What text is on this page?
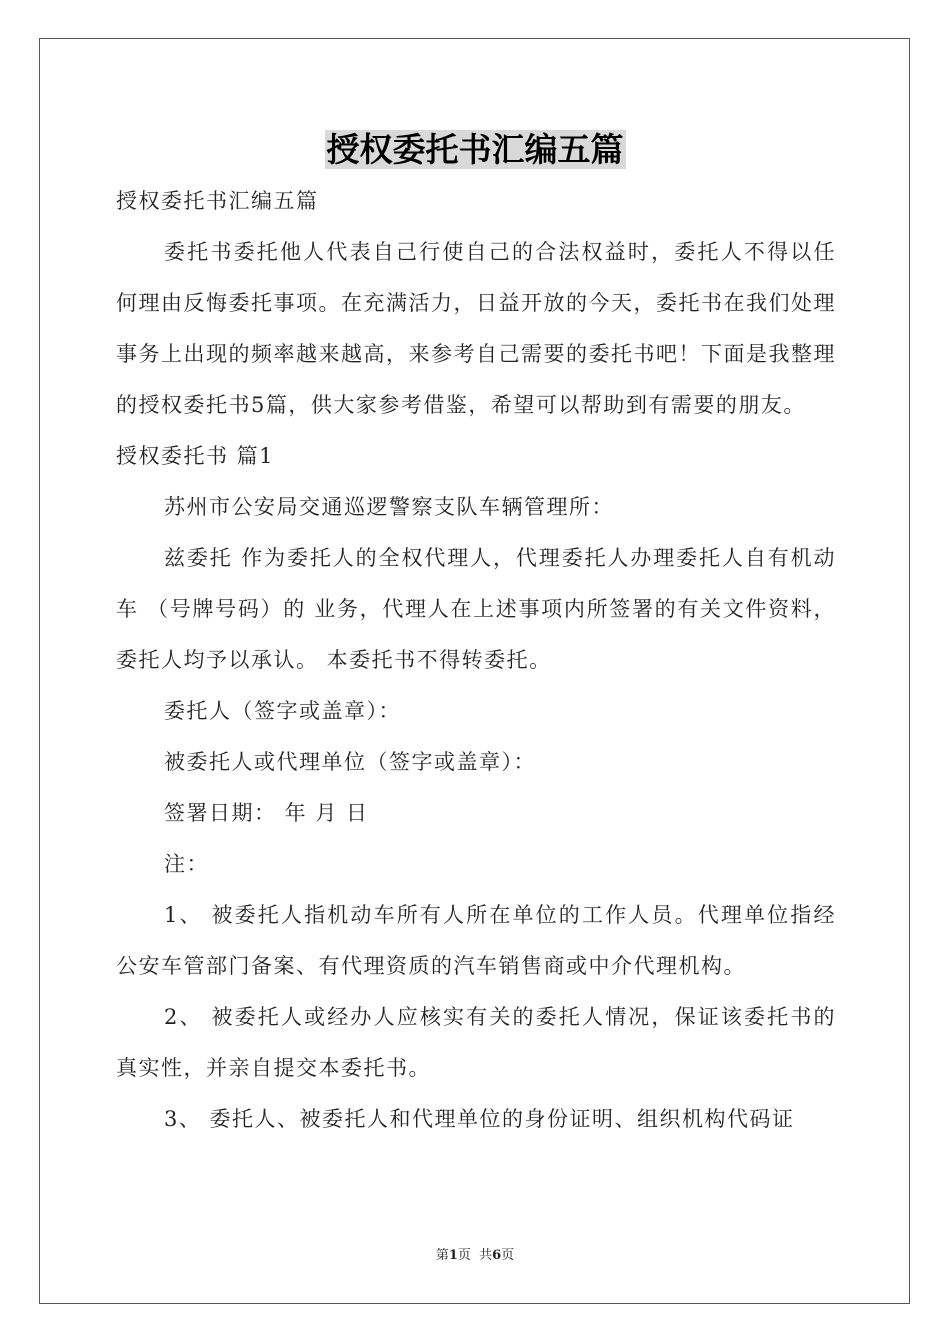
授权委托书汇编五篇

授权委托书汇编五篇

委托书委托他人代表自己行使自己的合法权益时，委托人不得以任何理由反悔委托事项。在充满活力，日益开放的今天，委托书在我们处理事务上出现的频率越来越高，来参考自己需要的委托书吧！下面是我整理的授权委托书5篇，供大家参考借鉴，希望可以帮助到有需要的朋友。

授权委托书 篇1

苏州市公安局交通巡逻警察支队车辆管理所：

兹委托 作为委托人的全权代理人，代理委托人办理委托人自有机动车 （号牌号码）的 业务，代理人在上述事项内所签署的有关文件资料，委托人均予以承认。 本委托书不得转委托。

委托人（签字或盖章）：

被委托人或代理单位（签字或盖章）：

签署日期： 年 月 日

注：

1、 被委托人指机动车所有人所在单位的工作人员。代理单位指经公安车管部门备案、有代理资质的汽车销售商或中介代理机构。

2、 被委托人或经办人应核实有关的委托人情况，保证该委托书的真实性，并亲自提交本委托书。

3、 委托人、被委托人和代理单位的身份证明、组织机构代码证

第1页 共6页
